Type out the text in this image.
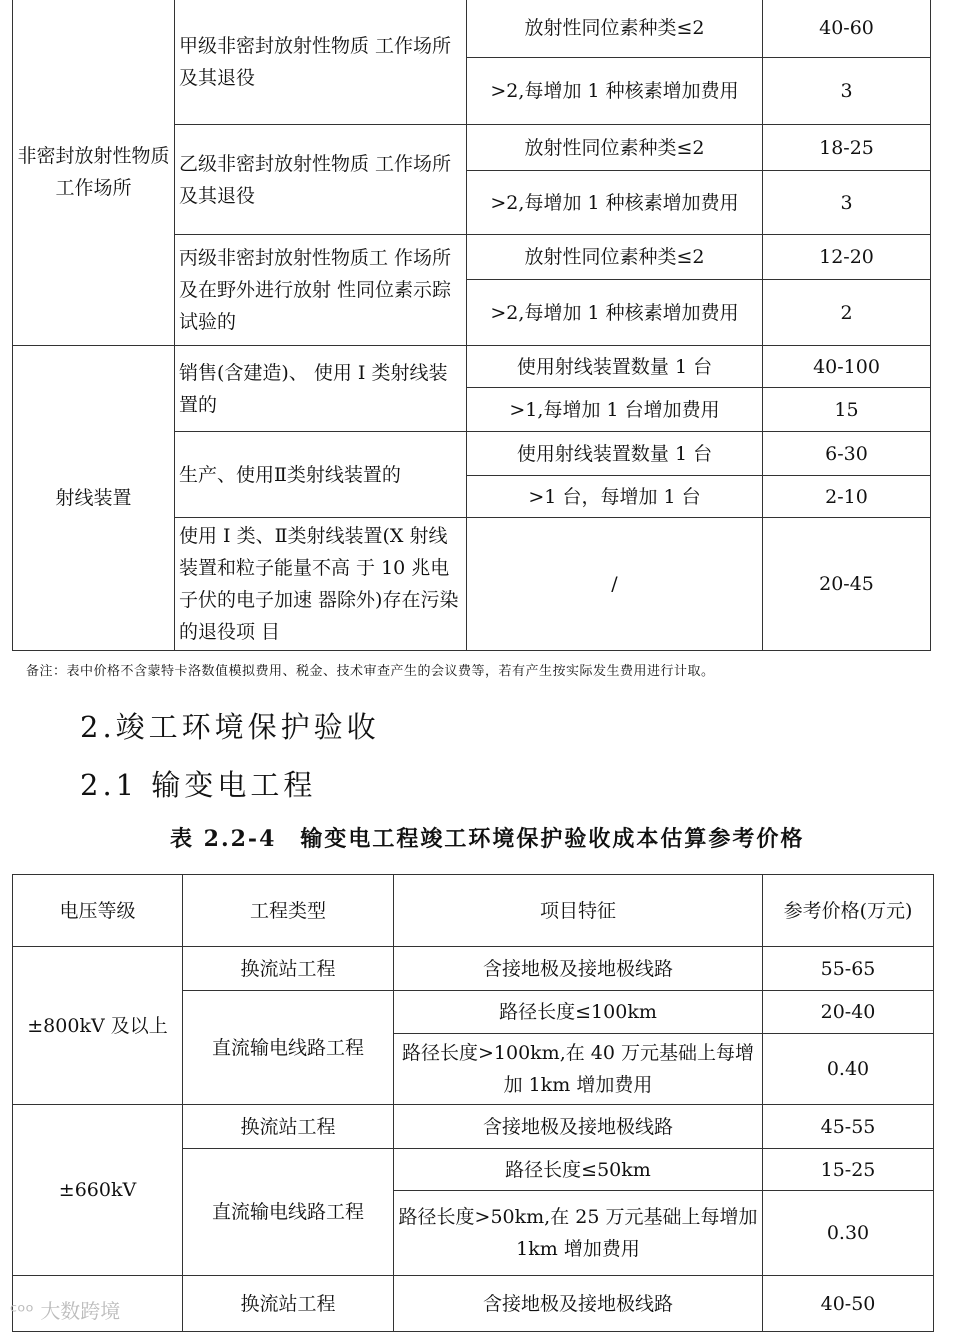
非密封放射性物质工作场所	甲级非密封放射性物质 工作场所及其退役	放射性同位素种类≤2	40-60
		>2,每增加 1 种核素增加费用	3
	乙级非密封放射性物质 工作场所及其退役	放射性同位素种类≤2	18-25
		>2,每增加 1 种核素增加费用	3
	丙级非密封放射性物质工 作场所及在野外进行放射 性同位素示踪试验的	放射性同位素种类≤2	12-20
		>2,每增加 1 种核素增加费用	2
射线装置	销售(含建造)、 使用 I 类射线装置的	使用射线装置数量 1 台	40-100
		>1,每增加 1 台增加费用	15
	生产、使用Ⅱ类射线装置的	使用射线装置数量 1 台	6-30
		>1 台，每增加 1 台	2-10
	使用 I 类、Ⅱ类射线装置(X 射线装置和粒子能量不高 于 10 兆电子伏的电子加速 器除外)存在污染的退役项 目	/	20-45
备注：表中价格不含蒙特卡洛数值模拟费用、税金、技术审查产生的会议费等，若有产生按实际发生费用进行计取。
2.竣工环境保护验收
2.1 输变电工程
表 2.2-4　输变电工程竣工环境保护验收成本估算参考价格
电压等级	工程类型	项目特征	参考价格(万元)
±800kV 及以上	换流站工程	含接地极及接地极线路	55-65
	直流输电线路工程	路径长度≤100km	20-40
		路径长度>100km,在 40 万元基础上每增加 1km 增加费用	0.40
±660kV	换流站工程	含接地极及接地极线路	45-55
	直流输电线路工程	路径长度≤50km	15-25
		路径长度>50km,在 25 万元基础上每增加 1km 增加费用	0.30
	换流站工程	含接地极及接地极线路	40-50
ᶜᵒᵒ 大数跨境
